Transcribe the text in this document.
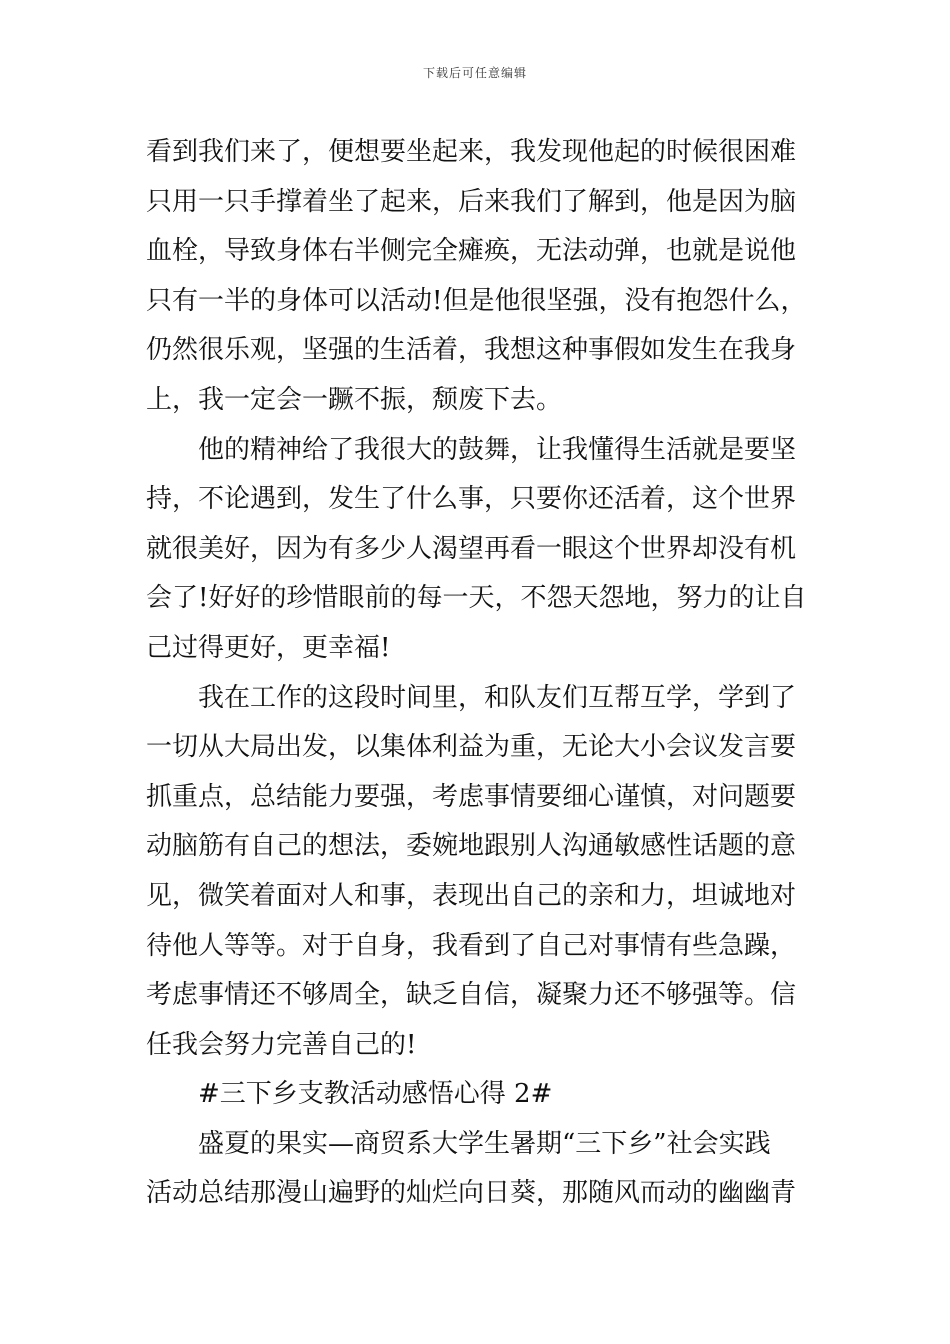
下载后可任意编辑
看到我们来了，便想要坐起来，我发现他起的时候很困难
只用一只手撑着坐了起来，后来我们了解到，他是因为脑
血栓，导致身体右半侧完全瘫痪，无法动弹，也就是说他
只有一半的身体可以活动!但是他很坚强，没有抱怨什么，
仍然很乐观，坚强的生活着，我想这种事假如发生在我身
上，我一定会一蹶不振，颓废下去。
他的精神给了我很大的鼓舞，让我懂得生活就是要坚
持，不论遇到，发生了什么事，只要你还活着，这个世界
就很美好，因为有多少人渴望再看一眼这个世界却没有机
会了!好好的珍惜眼前的每一天，不怨天怨地，努力的让自
己过得更好，更幸福!
我在工作的这段时间里，和队友们互帮互学，学到了
一切从大局出发，以集体利益为重，无论大小会议发言要
抓重点，总结能力要强，考虑事情要细心谨慎，对问题要
动脑筋有自己的想法，委婉地跟别人沟通敏感性话题的意
见，微笑着面对人和事，表现出自己的亲和力，坦诚地对
待他人等等。对于自身，我看到了自己对事情有些急躁，
考虑事情还不够周全，缺乏自信，凝聚力还不够强等。信
任我会努力完善自己的!
#三下乡支教活动感悟心得 2#
盛夏的果实—商贸系大学生暑期“三下乡”社会实践
活动总结那漫山遍野的灿烂向日葵，那随风而动的幽幽青
